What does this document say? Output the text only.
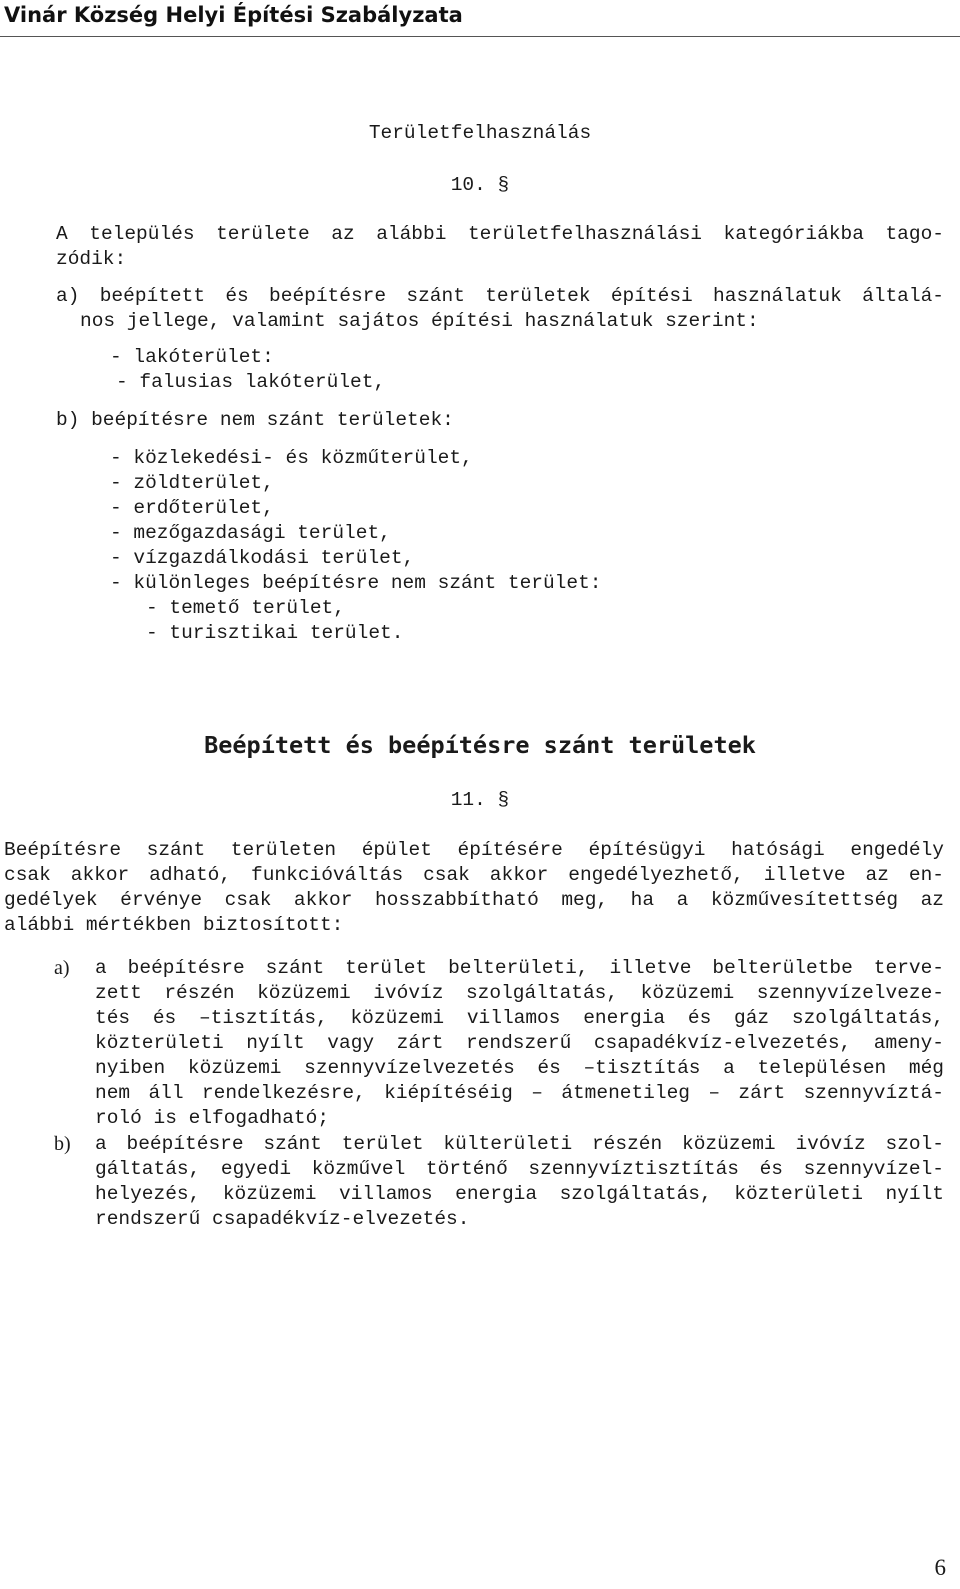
Vinár Község Helyi Építési Szabályzata
Területfelhasználás
10. §
A település területe az alábbi területfelhasználási kategóriákba tago-
zódik:
a) beépített és beépítésre szánt területek építési használatuk általá-
nos jellege, valamint sajátos építési használatuk szerint:
- lakóterület:
- falusias lakóterület,
b) beépítésre nem szánt területek:
- közlekedési- és közműterület,
- zöldterület,
- erdőterület,
- mezőgazdasági terület,
- vízgazdálkodási terület,
- különleges beépítésre nem szánt terület:
- temető terület,
- turisztikai terület.
Beépített és beépítésre szánt területek
11. §
Beépítésre szánt területen épület építésére építésügyi hatósági engedély
csak akkor adható, funkcióváltás csak akkor engedélyezhető, illetve az en-
gedélyek érvénye csak akkor hosszabbítható meg, ha a közművesítettség az
alábbi mértékben biztosított:
a) a beépítésre szánt terület belterületi, illetve belterületbe terve-
zett részén közüzemi ivóvíz szolgáltatás, közüzemi szennyvízelveze-
tés és –tisztítás, közüzemi villamos energia és gáz szolgáltatás,
közterületi nyílt vagy zárt rendszerű csapadékvíz-elvezetés, ameny-
nyiben közüzemi szennyvízelvezetés és –tisztítás a településen még
nem áll rendelkezésre, kiépítéséig – átmenetileg – zárt szennyvíztá-
roló is elfogadható;
b) a beépítésre szánt terület külterületi részén közüzemi ivóvíz szol-
gáltatás, egyedi közművel történő szennyvíztisztítás és szennyvízel-
helyezés, közüzemi villamos energia szolgáltatás, közterületi nyílt
rendszerű csapadékvíz-elvezetés.
6
